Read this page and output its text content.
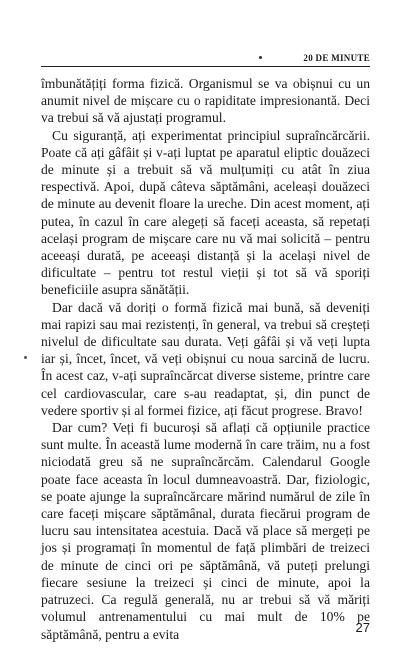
20 DE MINUTE

îmbunătățiți forma fizică. Organismul se va obișnui cu un anumit nivel de mișcare cu o rapiditate impresionantă. Deci va trebui să vă ajustați programul.

Cu siguranță, ați experimentat principiul supraîncărcării. Poate că ați gâfâit și v-ați luptat pe aparatul eliptic douăzeci de minute și a trebuit să vă mulțumiți cu atât în ziua respectivă. Apoi, după câteva săptămâni, aceleași douăzeci de minute au devenit floare la ureche. Din acest moment, ați putea, în cazul în care alegeți să faceți aceasta, să repetați același program de mișcare care nu vă mai solicită – pentru aceeași durată, pe aceeași distanță și la același nivel de dificultate – pentru tot restul vieții și tot să vă sporiți beneficiile asupra sănătății.

Dar dacă vă doriți o formă fizică mai bună, să deveniți mai rapizi sau mai rezistenți, în general, va trebui să creșteți nivelul de dificultate sau durata. Veți gâfâi și vă veți lupta iar și, încet, încet, vă veți obișnui cu noua sarcină de lucru. În acest caz, v-ați supraîncărcat diverse sisteme, printre care cel cardiovascular, care s-au readaptat, și, din punct de vedere sportiv și al formei fizice, ați făcut progrese. Bravo!

Dar cum? Veți fi bucuroși să aflați că opțiunile practice sunt multe. În această lume modernă în care trăim, nu a fost niciodată greu să ne supraîncărcăm. Calendarul Google poate face aceasta în locul dumneavoastră. Dar, fiziologic, se poate ajunge la supraîncărcare mărind numărul de zile în care faceți mișcare săptămânal, durata fiecărui program de lucru sau intensitatea acestuia. Dacă vă place să mergeți pe jos și programați în momentul de față plimbări de treizeci de minute de cinci ori pe săptămână, vă puteți prelungi fiecare sesiune la treizeci și cinci de minute, apoi la patruzeci. Ca regulă generală, nu ar trebui să vă măriți volumul antrenamentului cu mai mult de 10% pe săptămână, pentru a evita	27
